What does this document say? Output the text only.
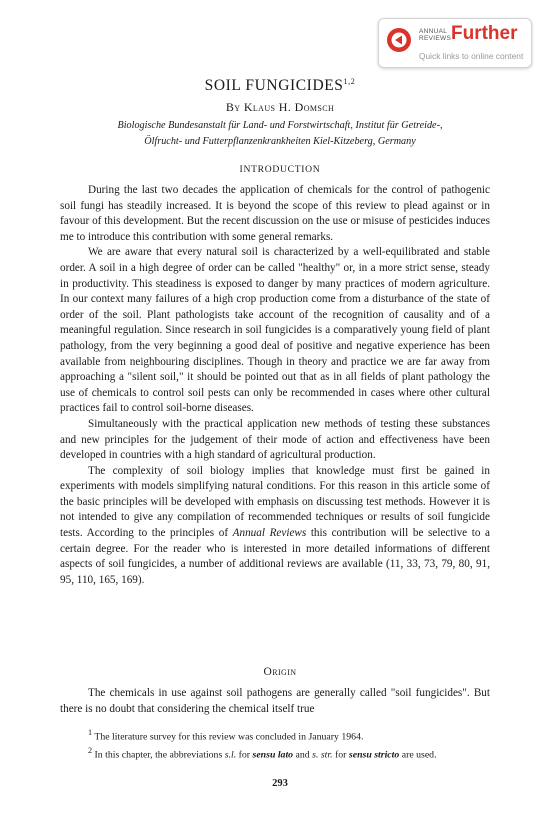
ANNUAL REVIEWS Further
Quick links to online content
SOIL FUNGICIDES$^{1,2}$
By Klaus H. Domsch
Biologische Bundesanstalt für Land- und Forstwirtschaft, Institut für Getreide-,
Ölfrucht- und Futterpflanzenkrankheiten Kiel-Kitzeberg, Germany
INTRODUCTION

During the last two decades the application of chemicals for the control of pathogenic soil fungi has steadily increased. It is beyond the scope of this review to plead against or in favour of this development. But the recent discussion on the use or misuse of pesticides induces me to introduce this contribution with some general remarks.

We are aware that every natural soil is characterized by a well-equilibrated and stable order. A soil in a high degree of order can be called "healthy" or, in a more strict sense, steady in productivity. This steadiness is exposed to danger by many practices of modern agriculture. In our context many failures of a high crop production come from a disturbance of the state of order of the soil. Plant pathologists take account of the recognition of causality and of a meaningful regulation. Since research in soil fungicides is a comparatively young field of plant pathology, from the very beginning a good deal of positive and negative experience has been available from neighbouring disciplines. Though in theory and practice we are far away from approaching a "silent soil," it should be pointed out that as in all fields of plant pathology the use of chemicals to control soil pests can only be recommended in cases where other cultural practices fail to control soil-borne diseases.

Simultaneously with the practical application new methods of testing these substances and new principles for the judgement of their mode of action and effectiveness have been developed in countries with a high standard of agricultural production.

The complexity of soil biology implies that knowledge must first be gained in experiments with models simplifying natural conditions. For this reason in this article some of the basic principles will be developed with emphasis on discussing test methods. However it is not intended to give any compilation of recommended techniques or results of soil fungicide tests. According to the principles of Annual Reviews this contribution will be selective to a certain degree. For the reader who is interested in more detailed informations of different aspects of soil fungicides, a number of additional reviews are available (11, 33, 73, 79, 80, 91, 95, 110, 165, 169).

Origin

The chemicals in use against soil pathogens are generally called "soil fungicides". But there is no doubt that considering the chemical itself true

$^1$ The literature survey for this review was concluded in January 1964.

$^2$ In this chapter, the abbreviations s.l. for sensu lato and s. str. for sensu stricto are used.

293
